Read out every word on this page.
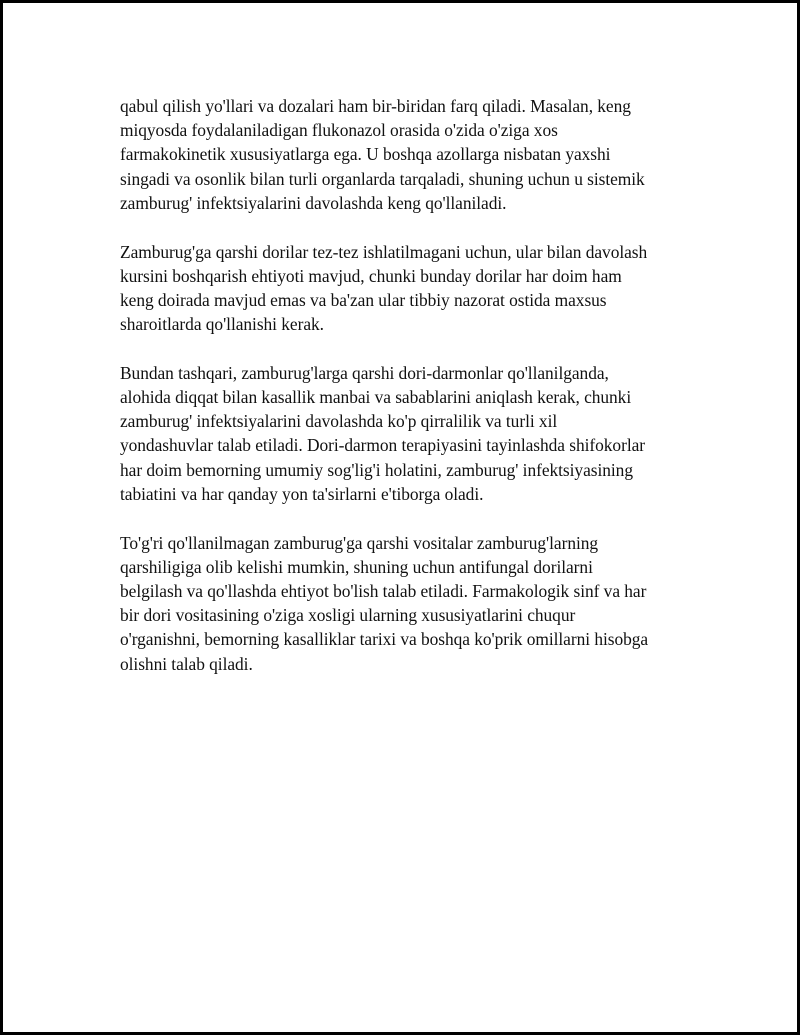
qabul qilish yo'llari va dozalari ham bir-biridan farq qiladi. Masalan, keng
miqyosda foydalaniladigan flukonazol orasida o'zida o'ziga xos
farmakokinetik xususiyatlarga ega. U boshqa azollarga nisbatan yaxshi
singadi va osonlik bilan turli organlarda tarqaladi, shuning uchun u sistemik
zamburug' infektsiyalarini davolashda keng qo'llaniladi.

Zamburug'ga qarshi dorilar tez-tez ishlatilmagani uchun, ular bilan davolash
kursini boshqarish ehtiyoti mavjud, chunki bunday dorilar har doim ham
keng doirada mavjud emas va ba'zan ular tibbiy nazorat ostida maxsus
sharoitlarda qo'llanishi kerak.

Bundan tashqari, zamburug'larga qarshi dori-darmonlar qo'llanilganda,
alohida diqqat bilan kasallik manbai va sabablarini aniqlash kerak, chunki
zamburug' infektsiyalarini davolashda ko'p qirralilik va turli xil
yondashuvlar talab etiladi. Dori-darmon terapiyasini tayinlashda shifokorlar
har doim bemorning umumiy sog'lig'i holatini, zamburug' infektsiyasining
tabiatini va har qanday yon ta'sirlarni e'tiborga oladi.

To'g'ri qo'llanilmagan zamburug'ga qarshi vositalar zamburug'larning
qarshiligiga olib kelishi mumkin, shuning uchun antifungal dorilarni
belgilash va qo'llashda ehtiyot bo'lish talab etiladi. Farmakologik sinf va har
bir dori vositasining o'ziga xosligi ularning xususiyatlarini chuqur
o'rganishni, bemorning kasalliklar tarixi va boshqa ko'prik omillarni hisobga
olishni talab qiladi.
